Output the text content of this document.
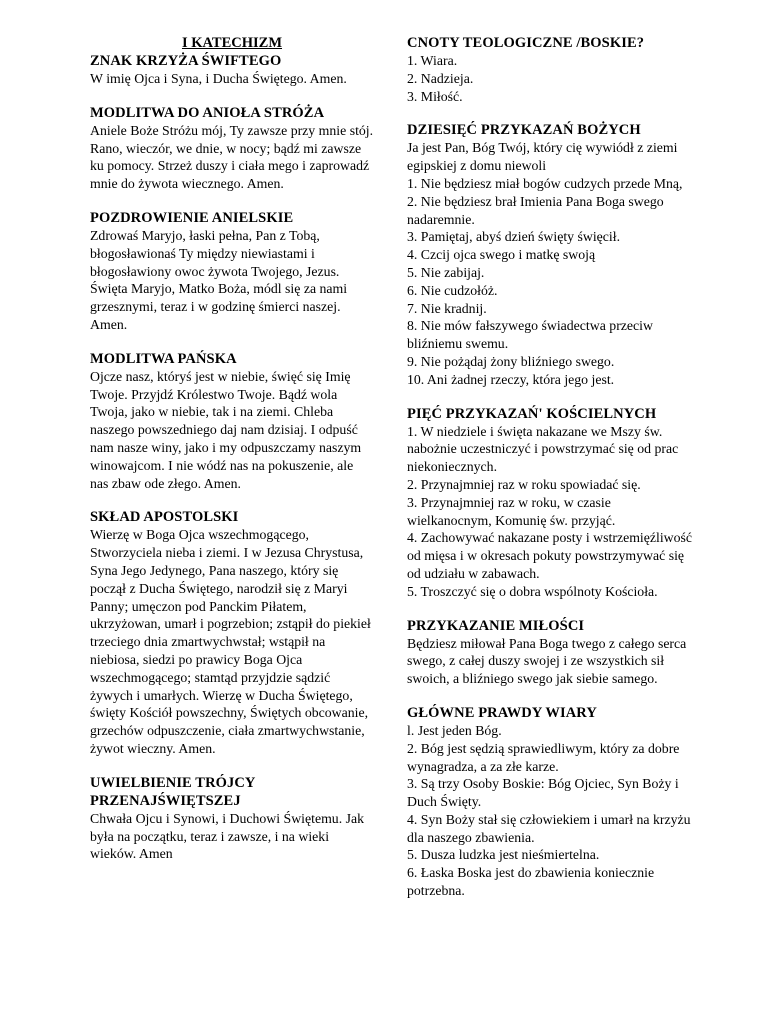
I KATECHIZM
ZNAK KRZYŻA ŚWIFTEGO

W imię Ojca i Syna, i Ducha Świętego. Amen.

MODLITWA DO ANIOŁA STRÓŻA

Aniele Boże Stróżu mój, Ty zawsze przy mnie stój. Rano, wieczór, we dnie, w nocy; bądź mi zawsze ku pomocy. Strzeż duszy i ciała mego i zaprowadź mnie do żywota wiecznego. Amen.

POZDROWIENIE ANIELSKIE

Zdrowaś Maryjo, łaski pełna, Pan z Tobą, błogosławionaś Ty między niewiastami i błogosławiony owoc żywota Twojego, Jezus. Święta Maryjo, Matko Boża, módl się za nami grzesznymi, teraz i w godzinę śmierci naszej. Amen.

MODLITWA PAŃSKA

Ojcze nasz, któryś jest w niebie, święć się Imię Twoje. Przyjdź Królestwo Twoje. Bądź wola Twoja, jako w niebie, tak i na ziemi. Chleba naszego powszedniego daj nam dzisiaj. I odpuść nam nasze winy, jako i my odpuszczamy naszym winowajcom. I nie wódź nas na pokuszenie, ale nas zbaw ode złego. Amen.

SKŁAD APOSTOLSKI

Wierzę w Boga Ojca wszechmogącego, Stworzyciela nieba i ziemi. I w Jezusa Chrystusa, Syna Jego Jedynego, Pana naszego, który się począł z Ducha Świętego, narodził się z Maryi Panny; umęczon pod Panckim Piłatem, ukrzyżowan, umarł i pogrzebion; zstąpił do piekieł trzeciego dnia zmartwychwstał; wstąpił na niebiosa, siedzi po prawicy Boga Ojca wszechmogącego; stamtąd przyjdzie sądzić żywych i umarłych. Wierzę w Ducha Świętego, święty Kościół powszechny, Świętych obcowanie, grzechów odpuszczenie, ciała zmartwychwstanie, żywot wieczny. Amen.

UWIELBIENIE TRÓJCY PRZENAJŚWIĘTSZEJ

Chwała Ojcu i Synowi, i Duchowi Świętemu. Jak była na początku, teraz i zawsze, i na wieki wieków. Amen

CNOTY TEOLOGICZNE /BOSKIE?
1. Wiara.
2. Nadzieja.
3. Miłość.
DZIESIĘĆ PRZYKAZAŃ BOŻYCH
Ja jest Pan, Bóg Twój, który cię wywiódł z ziemi egipskiej z domu niewoli
1. Nie będziesz miał bogów cudzych przede Mną,
2. Nie będziesz brał Imienia Pana Boga swego nadaremnie.
3. Pamiętaj, abyś dzień święty święcił.
4. Czcij ojca swego i matkę swoją
5. Nie zabijaj.
6. Nie cudzołóż.
7. Nie kradnij.
8. Nie mów fałszywego świadectwa przeciw bliźniemu swemu.
9. Nie pożądaj żony bliźniego swego.
10. Ani żadnej rzeczy, która jego jest.
PIĘĆ PRZYKAZAŃ' KOŚCIELNYCH
1. W niedziele i święta nakazane we Mszy św. nabożnie uczestniczyć i powstrzymać się od prac niekoniecznych.
2. Przynajmniej raz w roku spowiadać się.
3. Przynajmniej raz w roku, w czasie wielkanocnym, Komunię św. przyjąć.
4. Zachowywać nakazane posty i wstrzemięźliwość od mięsa i w okresach pokuty powstrzymywać się od udziału w zabawach.
5. Troszczyć się o dobra wspólnoty Kościoła.
PRZYKAZANIE MIŁOŚCI
Będziesz miłował Pana Boga twego z całego serca swego, z całej duszy swojej i ze wszystkich sił swoich, a bliźniego swego jak siebie samego.
GŁÓWNE PRAWDY WIARY
l. Jest jeden Bóg.
2. Bóg jest sędzią sprawiedliwym, który za dobre wynagradza, a za złe karze.
3. Są trzy Osoby Boskie: Bóg Ojciec, Syn Boży i Duch Święty.
4. Syn Boży stał się człowiekiem i umarł na krzyżu dla naszego zbawienia.
5. Dusza ludzka jest nieśmiertelna.
6. Łaska Boska jest do zbawienia koniecznie potrzebna.
